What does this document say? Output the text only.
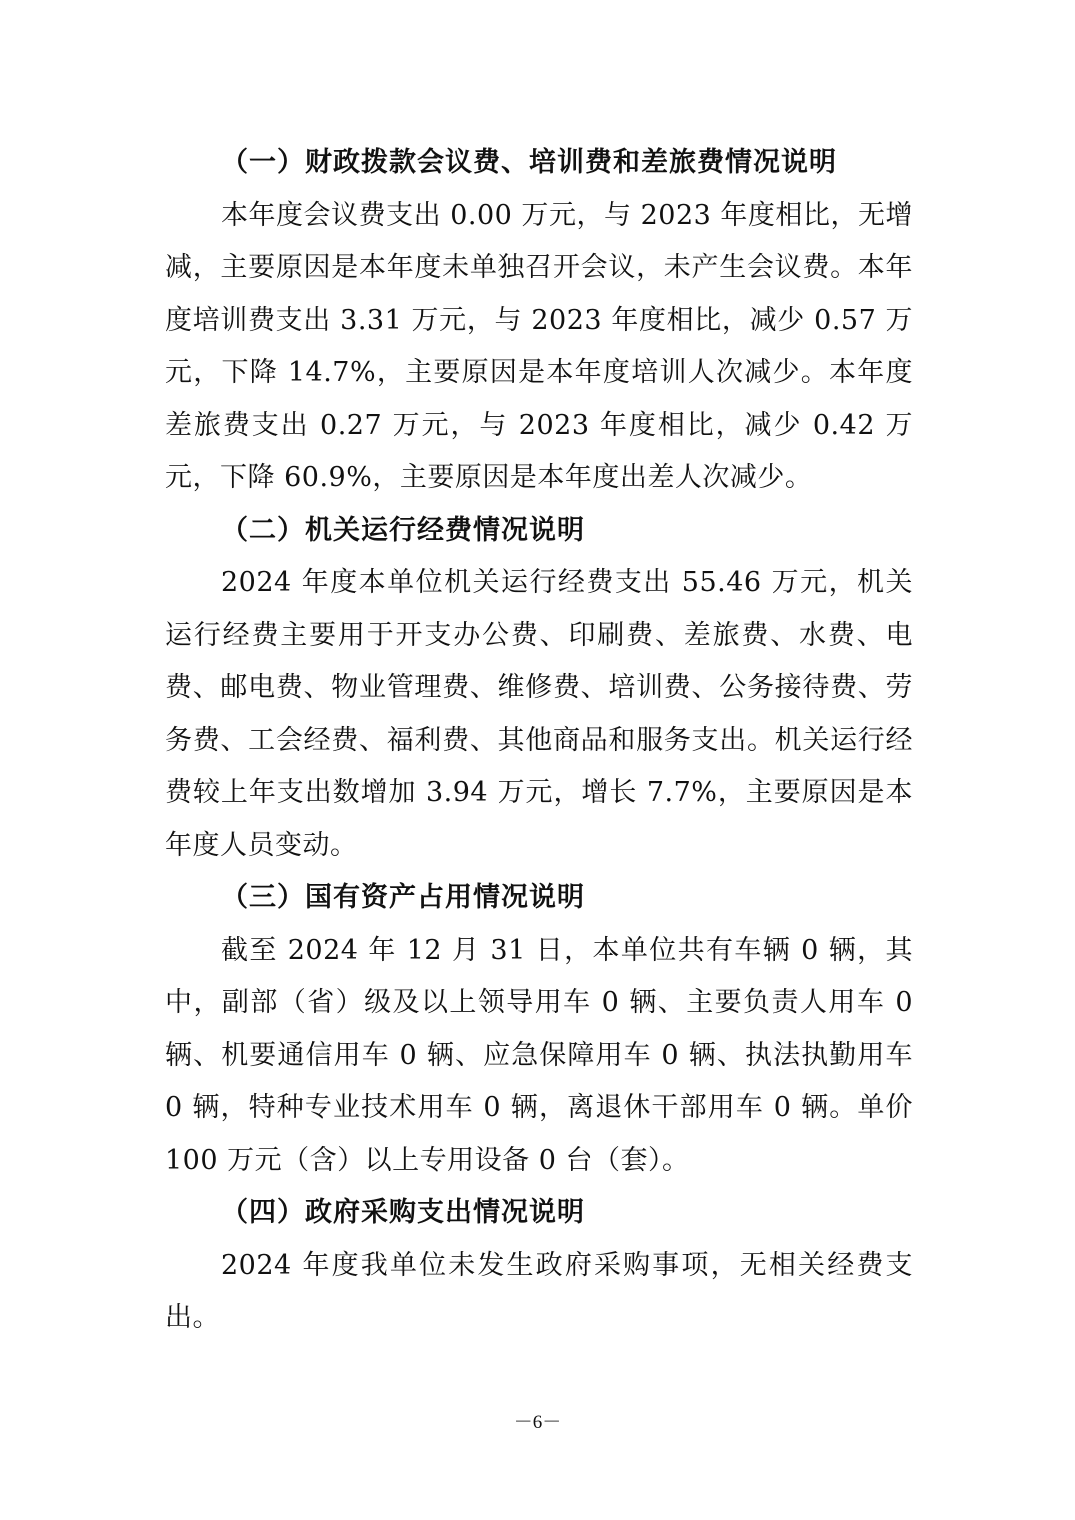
（一）财政拨款会议费、培训费和差旅费情况说明
本年度会议费支出 0.00 万元，与 2023 年度相比，无增减，主要原因是本年度未单独召开会议，未产生会议费。本年度培训费支出 3.31 万元，与 2023 年度相比，减少 0.57 万元，下降 14.7%，主要原因是本年度培训人次减少。本年度差旅费支出 0.27 万元，与 2023 年度相比，减少 0.42 万元，下降 60.9%，主要原因是本年度出差人次减少。
（二）机关运行经费情况说明
2024 年度本单位机关运行经费支出 55.46 万元，机关运行经费主要用于开支办公费、印刷费、差旅费、水费、电费、邮电费、物业管理费、维修费、培训费、公务接待费、劳务费、工会经费、福利费、其他商品和服务支出。机关运行经费较上年支出数增加 3.94 万元，增长 7.7%，主要原因是本年度人员变动。
（三）国有资产占用情况说明
截至 2024 年 12 月 31 日，本单位共有车辆 0 辆，其中，副部（省）级及以上领导用车 0 辆、主要负责人用车 0 辆、机要通信用车 0 辆、应急保障用车 0 辆、执法执勤用车 0 辆，特种专业技术用车 0 辆，离退休干部用车 0 辆。单价 100 万元（含）以上专用设备 0 台（套）。
（四）政府采购支出情况说明
2024 年度我单位未发生政府采购事项，无相关经费支出。
－6－
